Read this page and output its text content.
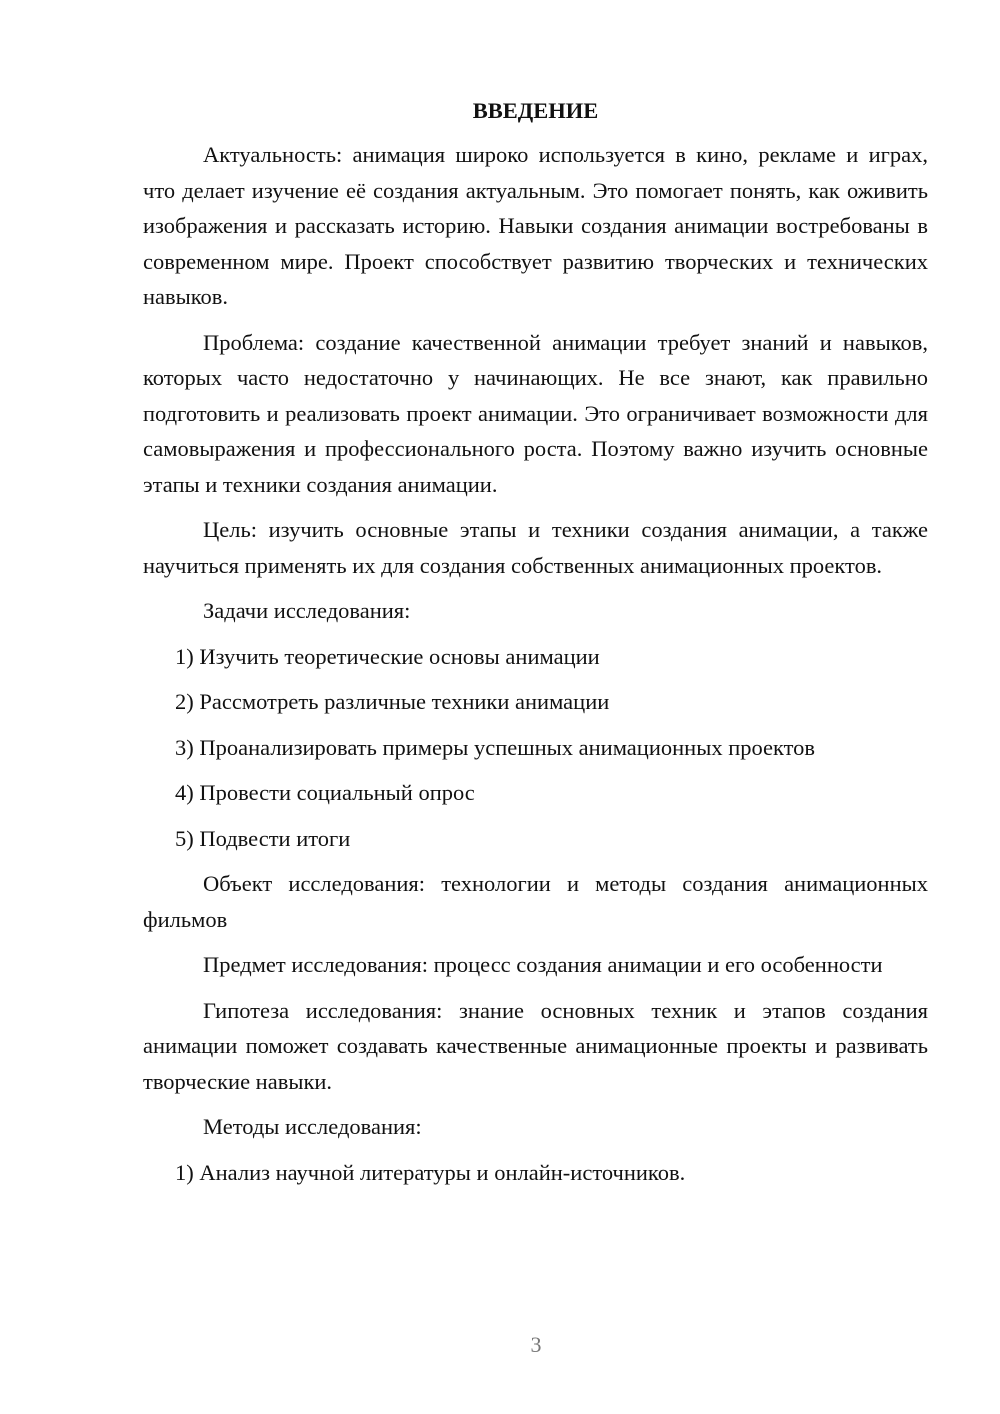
ВВЕДЕНИЕ
Актуальность: анимация широко используется в кино, рекламе и играх, что делает изучение её создания актуальным. Это помогает понять, как оживить изображения и рассказать историю. Навыки создания анимации востребованы в современном мире. Проект способствует развитию творческих и технических навыков.
Проблема: создание качественной анимации требует знаний и навыков, которых часто недостаточно у начинающих. Не все знают, как правильно подготовить и реализовать проект анимации. Это ограничивает возможности для самовыражения и профессионального роста. Поэтому важно изучить основные этапы и техники создания анимации.
Цель: изучить основные этапы и техники создания анимации, а также научиться применять их для создания собственных анимационных проектов.
Задачи исследования:
1) Изучить теоретические основы анимации
2) Рассмотреть различные техники анимации
3) Проанализировать примеры успешных анимационных проектов
4) Провести социальный опрос
5) Подвести итоги
Объект исследования: технологии и методы создания анимационных фильмов
Предмет исследования: процесс создания анимации и его особенности
Гипотеза исследования: знание основных техник и этапов создания анимации поможет создавать качественные анимационные проекты и развивать творческие навыки.
Методы исследования:
1) Анализ научной литературы и онлайн-источников.
3
